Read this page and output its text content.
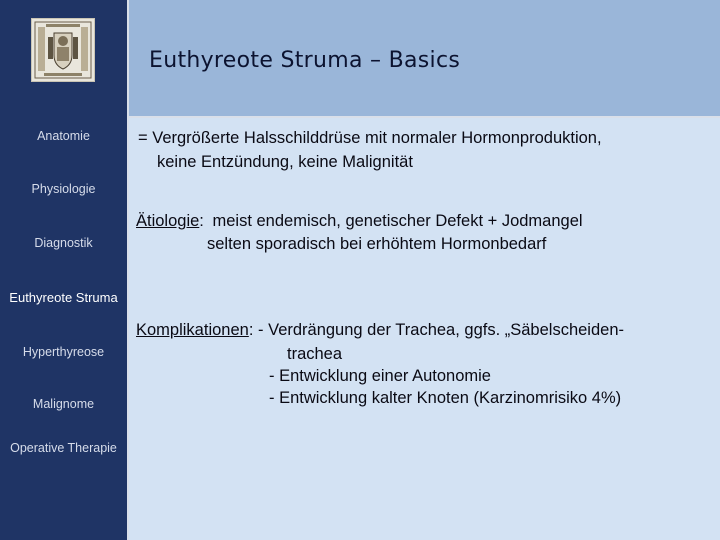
Anatomie
Physiologie
Diagnostik
Euthyreote Struma
Hyperthyreose
Malignome
Operative Therapie
Euthyreote Struma – Basics
= Vergrößerte Halsschilddrüse mit normaler Hormonproduktion,
keine Entzündung, keine Malignität
Ätiologie: meist endemisch, genetischer Defekt + Jodmangel
selten sporadisch bei erhöhtem Hormonbedarf
Komplikationen: - Verdrängung der Trachea, ggfs. „Säbelscheiden-
trachea
- Entwicklung einer Autonomie
- Entwicklung kalter Knoten (Karzinomrisiko 4%)
